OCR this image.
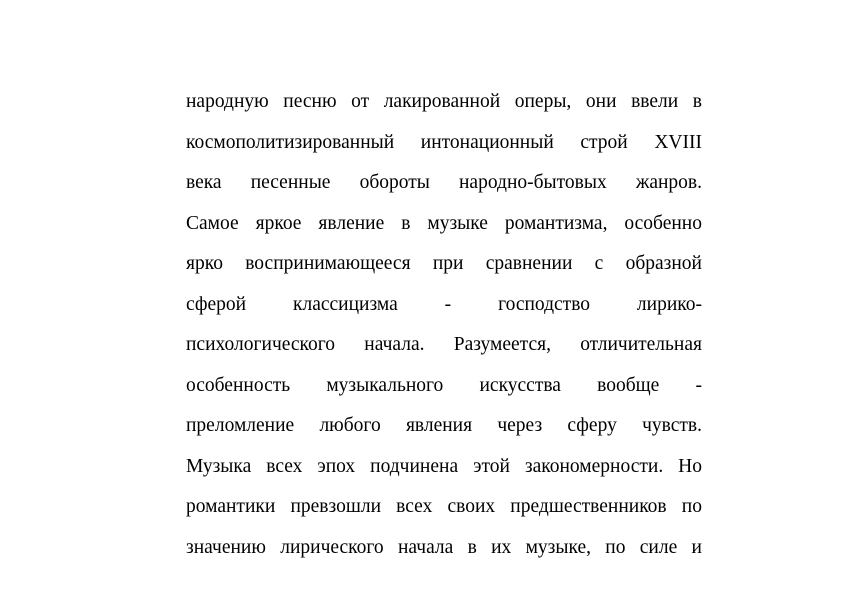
народную песню от лакированной оперы, они ввели в
космополитизированный интонационный строй XVIII
века песенные обороты народно-бытовых жанров.
Самое яркое явление в музыке романтизма, особенно
ярко воспринимающееся при сравнении с образной
сферой классицизма - господство лирико-
психологического начала. Разумеется, отличительная
особенность музыкального искусства вообще -
преломление любого явления через сферу чувств.
Музыка всех эпох подчинена этой закономерности. Но
романтики превзошли всех своих предшественников по
значению лирического начала в их музыке, по силе и
